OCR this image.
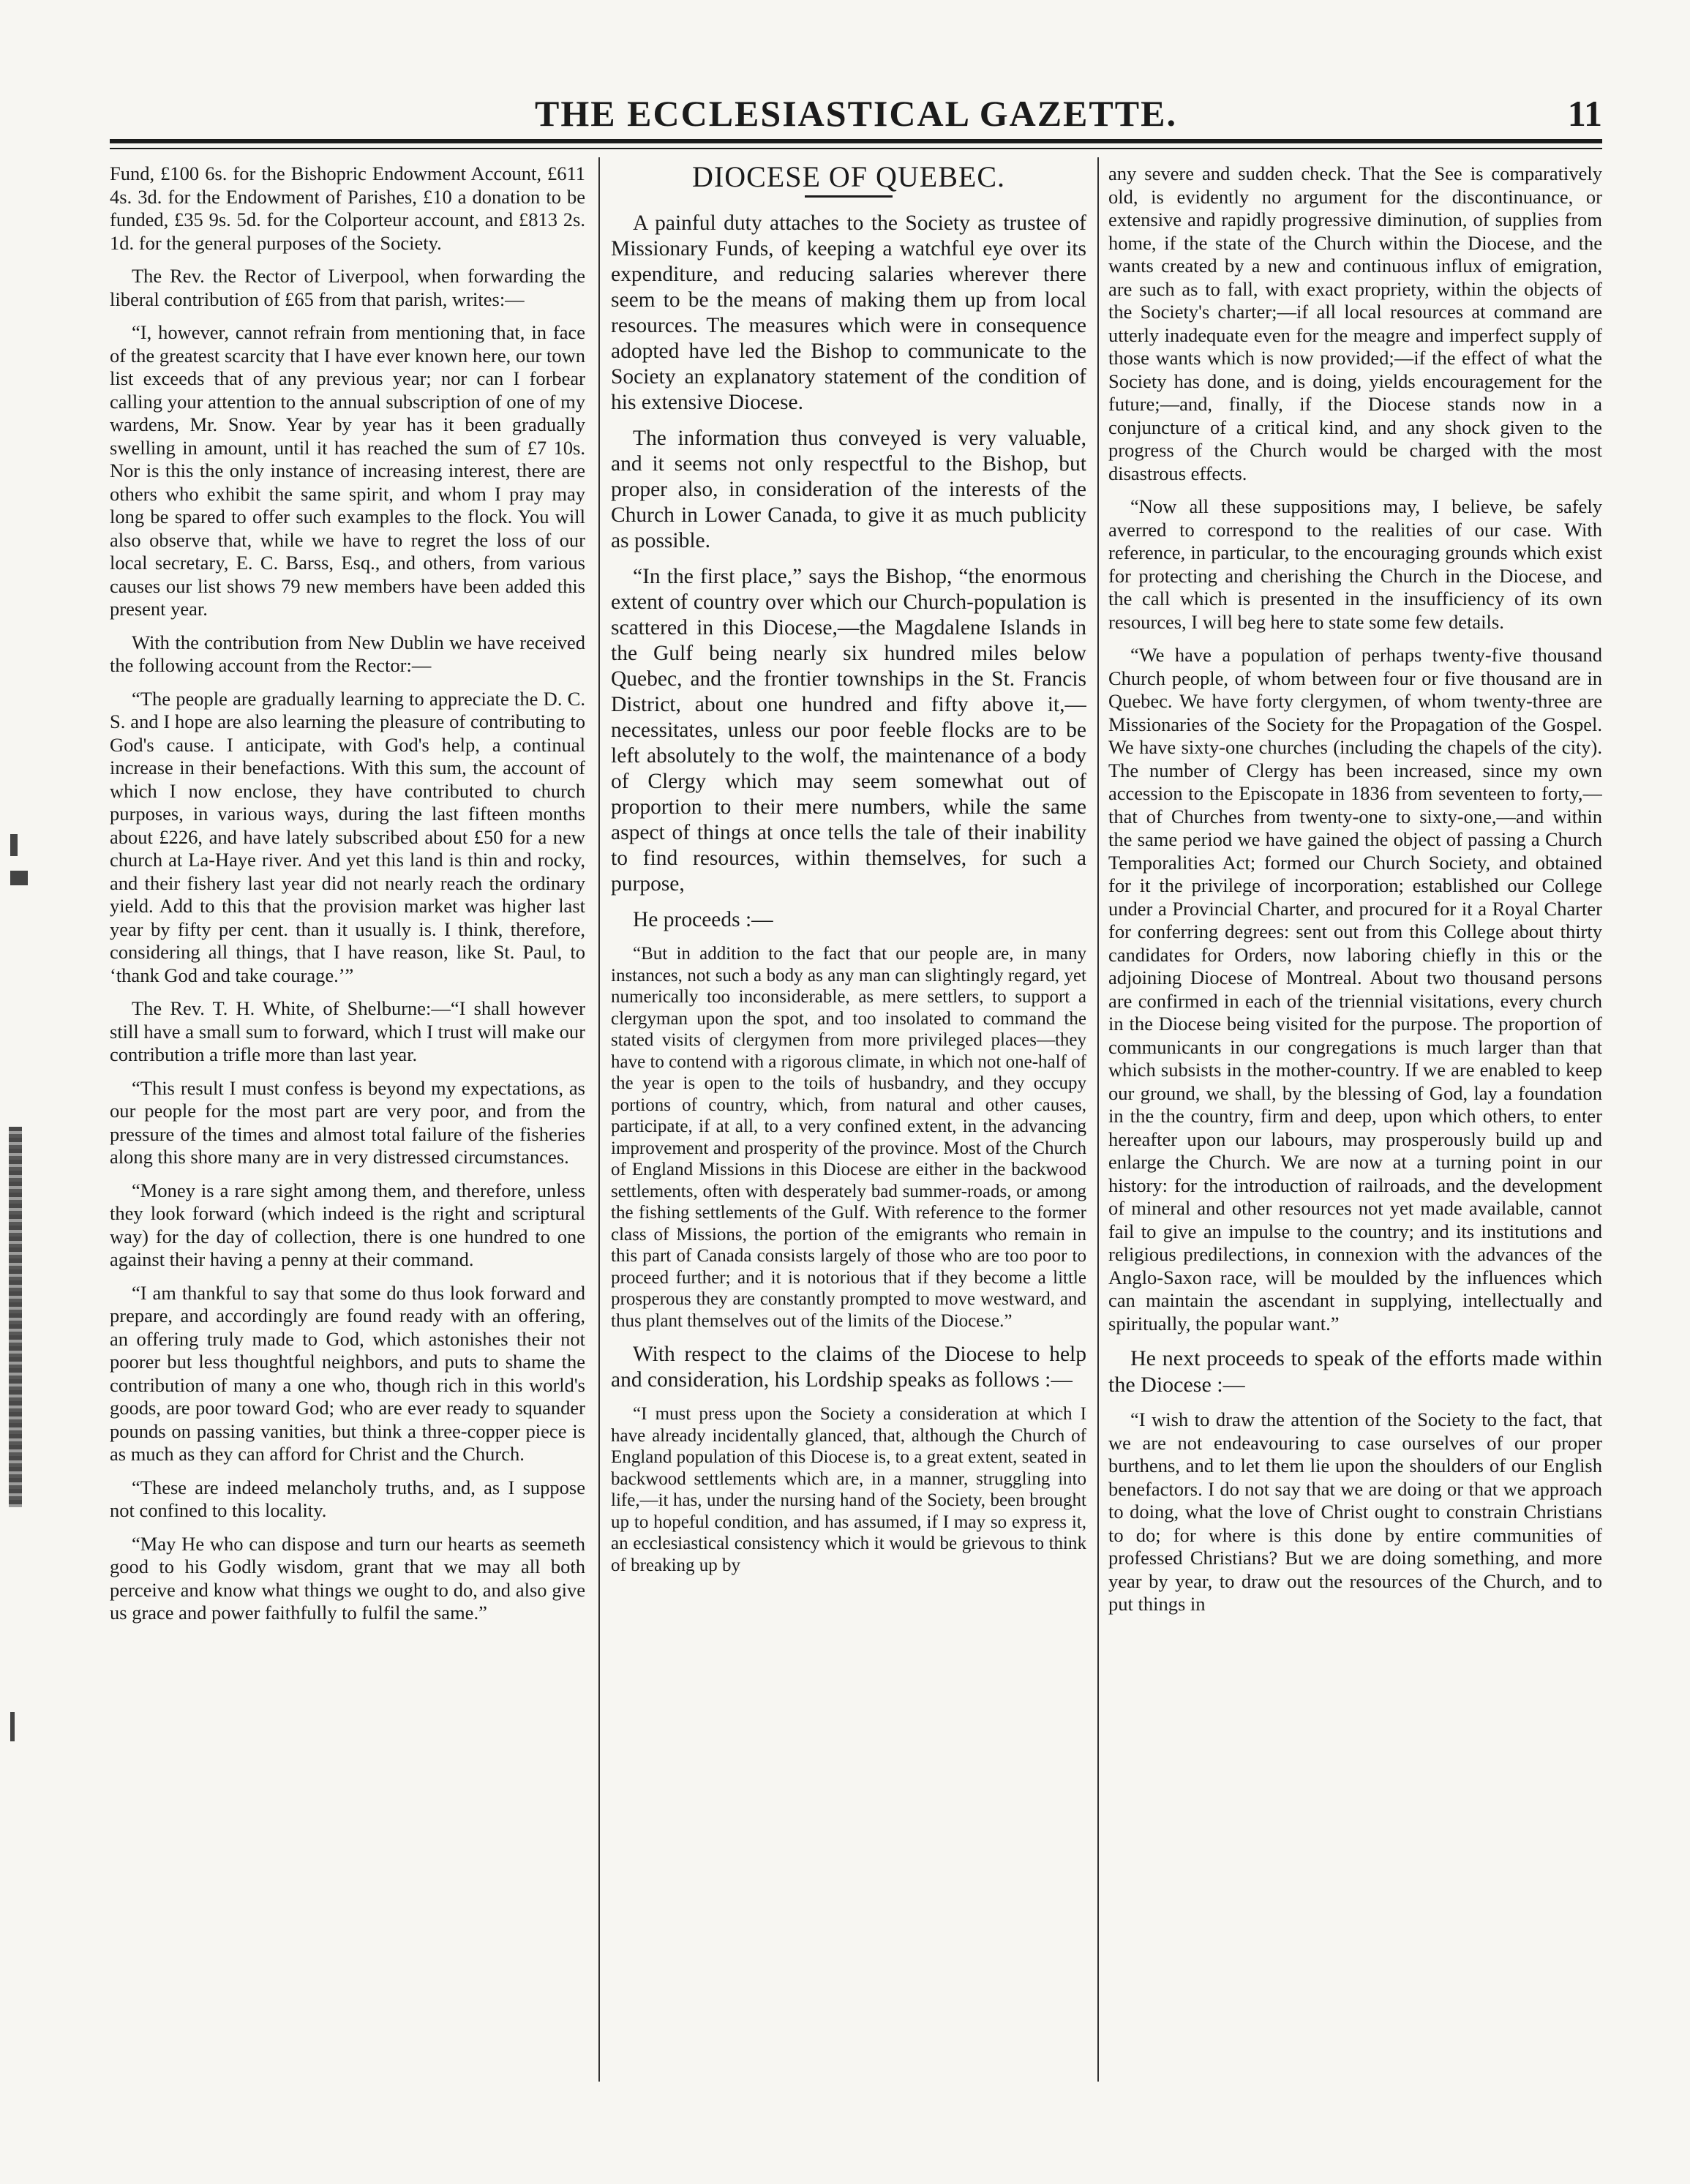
THE ECCLESIASTICAL GAZETTE.	11

Fund, £100 6s. for the Bishopric Endowment Account, £611 4s. 3d. for the Endowment of Parishes, £10 a donation to be funded, £35 9s. 5d. for the Colporteur account, and £813 2s. 1d. for the general purposes of the Society.

The Rev. the Rector of Liverpool, when forwarding the liberal contribution of £65 from that parish, writes:—

“I, however, cannot refrain from mentioning that, in face of the greatest scarcity that I have ever known here, our town list exceeds that of any previous year; nor can I forbear calling your attention to the annual subscription of one of my wardens, Mr. Snow. Year by year has it been gradually swelling in amount, until it has reached the sum of £7 10s. Nor is this the only instance of increasing interest, there are others who exhibit the same spirit, and whom I pray may long be spared to offer such examples to the flock. You will also observe that, while we have to regret the loss of our local secretary, E. C. Barss, Esq., and others, from various causes our list shows 79 new members have been added this present year.

With the contribution from New Dublin we have received the following account from the Rector:—

“The people are gradually learning to appreciate the D. C. S. and I hope are also learning the pleasure of contributing to God's cause. I anticipate, with God's help, a continual increase in their benefactions. With this sum, the account of which I now enclose, they have contributed to church purposes, in various ways, during the last fifteen months about £226, and have lately subscribed about £50 for a new church at La-Haye river. And yet this land is thin and rocky, and their fishery last year did not nearly reach the ordinary yield. Add to this that the provision market was higher last year by fifty per cent. than it usually is. I think, therefore, considering all things, that I have reason, like St. Paul, to ‘thank God and take courage.’”

The Rev. T. H. White, of Shelburne:—“I shall however still have a small sum to forward, which I trust will make our contribution a trifle more than last year.

“This result I must confess is beyond my expectations, as our people for the most part are very poor, and from the pressure of the times and almost total failure of the fisheries along this shore many are in very distressed circumstances.

“Money is a rare sight among them, and therefore, unless they look forward (which indeed is the right and scriptural way) for the day of collection, there is one hundred to one against their having a penny at their command.

“I am thankful to say that some do thus look forward and prepare, and accordingly are found ready with an offering, an offering truly made to God, which astonishes their not poorer but less thoughtful neighbors, and puts to shame the contribution of many a one who, though rich in this world's goods, are poor toward God; who are ever ready to squander pounds on passing vanities, but think a three-copper piece is as much as they can afford for Christ and the Church.

“These are indeed melancholy truths, and, as I suppose not confined to this locality.

“May He who can dispose and turn our hearts as seemeth good to his Godly wisdom, grant that we may all both perceive and know what things we ought to do, and also give us grace and power faithfully to fulfil the same.”

DIOCESE OF QUEBEC.

A painful duty attaches to the Society as trustee of Missionary Funds, of keeping a watchful eye over its expenditure, and reducing salaries wherever there seem to be the means of making them up from local resources. The measures which were in consequence adopted have led the Bishop to communicate to the Society an explanatory statement of the condition of his extensive Diocese.

The information thus conveyed is very valuable, and it seems not only respectful to the Bishop, but proper also, in consideration of the interests of the Church in Lower Canada, to give it as much publicity as possible.

“In the first place,” says the Bishop, “the enormous extent of country over which our Church-population is scattered in this Diocese,—the Magdalene Islands in the Gulf being nearly six hundred miles below Quebec, and the frontier townships in the St. Francis District, about one hundred and fifty above it,—necessitates, unless our poor feeble flocks are to be left absolutely to the wolf, the maintenance of a body of Clergy which may seem somewhat out of proportion to their mere numbers, while the same aspect of things at once tells the tale of their inability to find resources, within themselves, for such a purpose,

He proceeds :—

“But in addition to the fact that our people are, in many instances, not such a body as any man can slightingly regard, yet numerically too inconsiderable, as mere settlers, to support a clergyman upon the spot, and too insolated to command the stated visits of clergymen from more privileged places—they have to contend with a rigorous climate, in which not one-half of the year is open to the toils of husbandry, and they occupy portions of country, which, from natural and other causes, participate, if at all, to a very confined extent, in the advancing improvement and prosperity of the province. Most of the Church of England Missions in this Diocese are either in the backwood settlements, often with desperately bad summer-roads, or among the fishing settlements of the Gulf. With reference to the former class of Missions, the portion of the emigrants who remain in this part of Canada consists largely of those who are too poor to proceed further; and it is notorious that if they become a little prosperous they are constantly prompted to move westward, and thus plant themselves out of the limits of the Diocese.”

With respect to the claims of the Diocese to help and consideration, his Lordship speaks as follows :—

“I must press upon the Society a consideration at which I have already incidentally glanced, that, although the Church of England population of this Diocese is, to a great extent, seated in backwood settlements which are, in a manner, struggling into life,—it has, under the nursing hand of the Society, been brought up to hopeful condition, and has assumed, if I may so express it, an ecclesiastical consistency which it would be grievous to think of breaking up by

any severe and sudden check. That the See is comparatively old, is evidently no argument for the discontinuance, or extensive and rapidly progressive diminution, of supplies from home, if the state of the Church within the Diocese, and the wants created by a new and continuous influx of emigration, are such as to fall, with exact propriety, within the objects of the Society's charter;—if all local resources at command are utterly inadequate even for the meagre and imperfect supply of those wants which is now provided;—if the effect of what the Society has done, and is doing, yields encouragement for the future;—and, finally, if the Diocese stands now in a conjuncture of a critical kind, and any shock given to the progress of the Church would be charged with the most disastrous effects.

“Now all these suppositions may, I believe, be safely averred to correspond to the realities of our case. With reference, in particular, to the encouraging grounds which exist for protecting and cherishing the Church in the Diocese, and the call which is presented in the insufficiency of its own resources, I will beg here to state some few details.

“We have a population of perhaps twenty-five thousand Church people, of whom between four or five thousand are in Quebec. We have forty clergymen, of whom twenty-three are Missionaries of the Society for the Propagation of the Gospel. We have sixty-one churches (including the chapels of the city). The number of Clergy has been increased, since my own accession to the Episcopate in 1836 from seventeen to forty,—that of Churches from twenty-one to sixty-one,—and within the same period we have gained the object of passing a Church Temporalities Act; formed our Church Society, and obtained for it the privilege of incorporation; established our College under a Provincial Charter, and procured for it a Royal Charter for conferring degrees: sent out from this College about thirty candidates for Orders, now laboring chiefly in this or the adjoining Diocese of Montreal. About two thousand persons are confirmed in each of the triennial visitations, every church in the Diocese being visited for the purpose. The proportion of communicants in our congregations is much larger than that which subsists in the mother-country. If we are enabled to keep our ground, we shall, by the blessing of God, lay a foundation in the the country, firm and deep, upon which others, to enter hereafter upon our labours, may prosperously build up and enlarge the Church. We are now at a turning point in our history: for the introduction of railroads, and the development of mineral and other resources not yet made available, cannot fail to give an impulse to the country; and its institutions and religious predilections, in connexion with the advances of the Anglo-Saxon race, will be moulded by the influences which can maintain the ascendant in supplying, intellectually and spiritually, the popular want.”

He next proceeds to speak of the efforts made within the Diocese :—

“I wish to draw the attention of the Society to the fact, that we are not endeavouring to case ourselves of our proper burthens, and to let them lie upon the shoulders of our English benefactors. I do not say that we are doing or that we approach to doing, what the love of Christ ought to constrain Christians to do; for where is this done by entire communities of professed Christians? But we are doing something, and more year by year, to draw out the resources of the Church, and to put things in
